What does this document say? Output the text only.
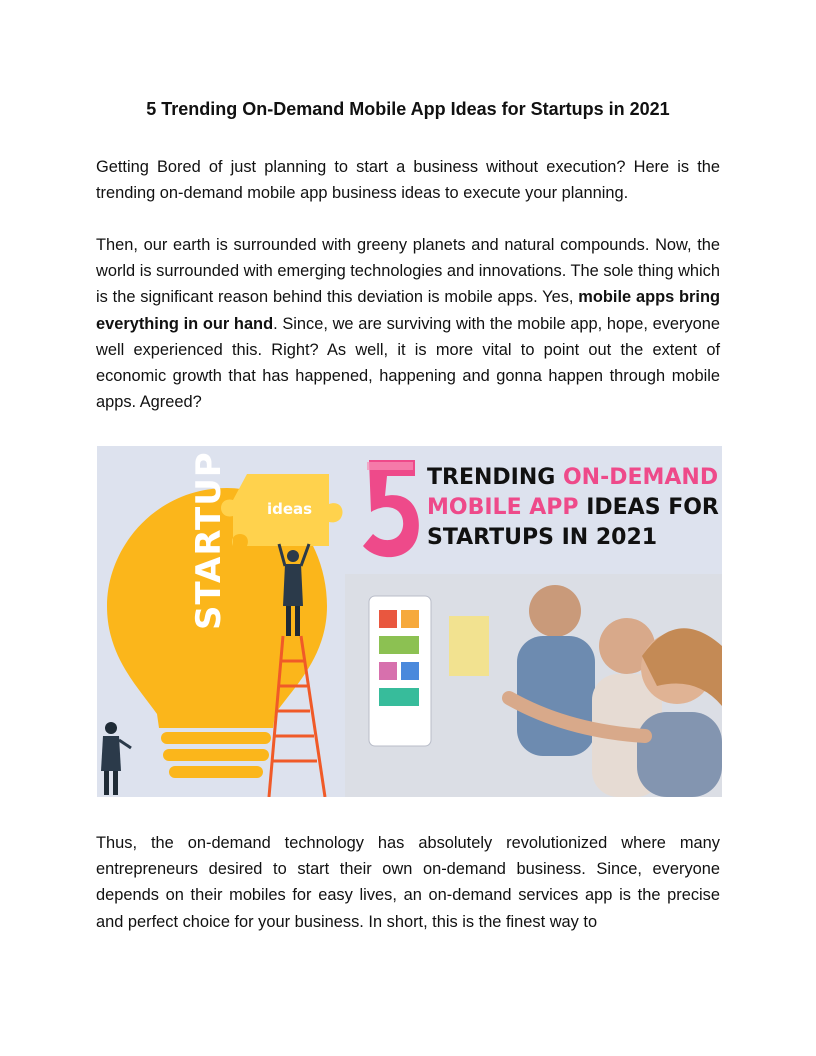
5 Trending On-Demand Mobile App Ideas for Startups in 2021

Getting Bored of just planning to start a business without execution? Here is the trending on-demand mobile app business ideas to execute your planning.

Then, our earth is surrounded with greeny planets and natural compounds. Now, the world is surrounded with emerging technologies and innovations. The sole thing which is the significant reason behind this deviation is mobile apps. Yes, mobile apps bring everything in our hand. Since, we are surviving with the mobile app, hope, everyone well experienced this. Right? As well, it is more vital to point out the extent of economic growth that has happened, happening and gonna happen through mobile apps. Agreed?

STARTUP	ideas
TRENDING ON-DEMAND
MOBILE APP IDEAS FOR
STARTUPS IN 2021

Thus, the on-demand technology has absolutely revolutionized where many entrepreneurs desired to start their own on-demand business. Since, everyone depends on their mobiles for easy lives, an on-demand services app is the precise and perfect choice for your business. In short, this is the finest way to
